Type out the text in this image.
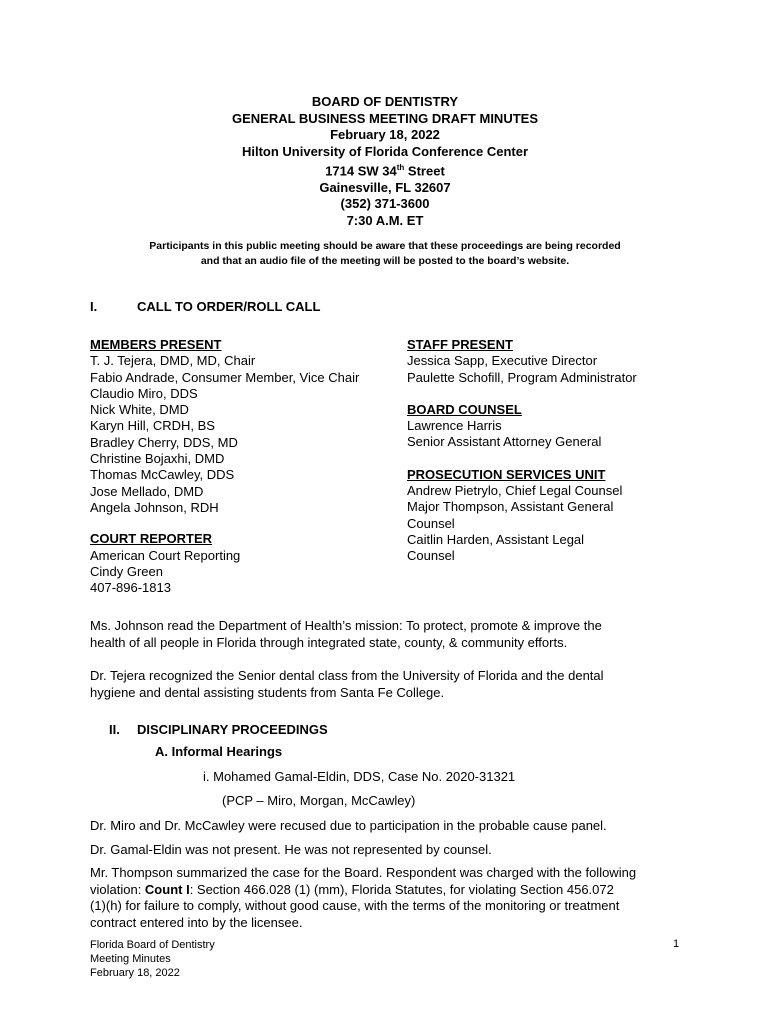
BOARD OF DENTISTRY
GENERAL BUSINESS MEETING DRAFT MINUTES
February 18, 2022
Hilton University of Florida Conference Center
1714 SW 34th Street
Gainesville, FL 32607
(352) 371-3600
7:30 A.M. ET
Participants in this public meeting should be aware that these proceedings are being recorded
and that an audio file of the meeting will be posted to the board’s website.
I.	CALL TO ORDER/ROLL CALL
MEMBERS PRESENT
T. J. Tejera, DMD, MD, Chair
Fabio Andrade, Consumer Member, Vice Chair
Claudio Miro, DDS
Nick White, DMD
Karyn Hill, CRDH, BS
Bradley Cherry, DDS, MD
Christine Bojaxhi, DMD
Thomas McCawley, DDS
Jose Mellado, DMD
Angela Johnson, RDH
COURT REPORTER
American Court Reporting
Cindy Green
407-896-1813
STAFF PRESENT
Jessica Sapp, Executive Director
Paulette Schofill, Program Administrator
BOARD COUNSEL
Lawrence Harris
Senior Assistant Attorney General
PROSECUTION SERVICES UNIT
Andrew Pietrylo, Chief Legal Counsel
Major Thompson, Assistant General
Counsel
Caitlin Harden, Assistant Legal
Counsel
Ms. Johnson read the Department of Health’s mission: To protect, promote & improve the
health of all people in Florida through integrated state, county, & community efforts.
Dr. Tejera recognized the Senior dental class from the University of Florida and the dental
hygiene and dental assisting students from Santa Fe College.
II. DISCIPLINARY PROCEEDINGS
A. Informal Hearings
i. Mohamed Gamal-Eldin, DDS, Case No. 2020-31321
(PCP – Miro, Morgan, McCawley)
Dr. Miro and Dr. McCawley were recused due to participation in the probable cause panel.
Dr. Gamal-Eldin was not present. He was not represented by counsel.
Mr. Thompson summarized the case for the Board. Respondent was charged with the following
violation: Count I: Section 466.028 (1) (mm), Florida Statutes, for violating Section 456.072
(1)(h) for failure to comply, without good cause, with the terms of the monitoring or treatment
contract entered into by the licensee.
Florida Board of Dentistry
Meeting Minutes
February 18, 2022
1
